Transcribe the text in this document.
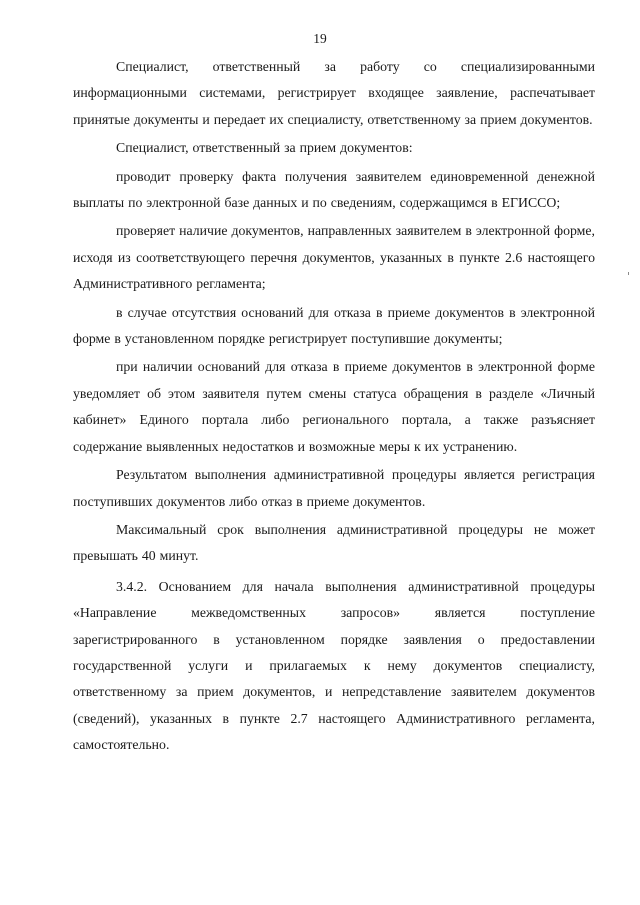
19

Специалист, ответственный за работу со специализированными информационными системами, регистрирует входящее заявление, распечатывает принятые документы и передает их специалисту, ответственному за прием документов.

Специалист, ответственный за прием документов:

проводит проверку факта получения заявителем единовременной денежной выплаты по электронной базе данных и по сведениям, содержащимся в ЕГИССО;

проверяет наличие документов, направленных заявителем в электронной форме, исходя из соответствующего перечня документов, указанных в пункте 2.6 настоящего Административного регламента;

в случае отсутствия оснований для отказа в приеме документов в электронной форме в установленном порядке регистрирует поступившие документы;

при наличии оснований для отказа в приеме документов в электронной форме уведомляет об этом заявителя путем смены статуса обращения в разделе «Личный кабинет» Единого портала либо регионального портала, а также разъясняет содержание выявленных недостатков и возможные меры к их устранению.

Результатом выполнения административной процедуры является регистрация поступивших документов либо отказ в приеме документов.

Максимальный срок выполнения административной процедуры не может превышать 40 минут.

3.4.2. Основанием для начала выполнения административной процедуры «Направление межведомственных запросов» является поступление зарегистрированного в установленном порядке заявления о предоставлении государственной услуги и прилагаемых к нему документов специалисту, ответственному за прием документов, и непредставление заявителем документов (сведений), указанных в пункте 2.7 настоящего Административного регламента, самостоятельно.
